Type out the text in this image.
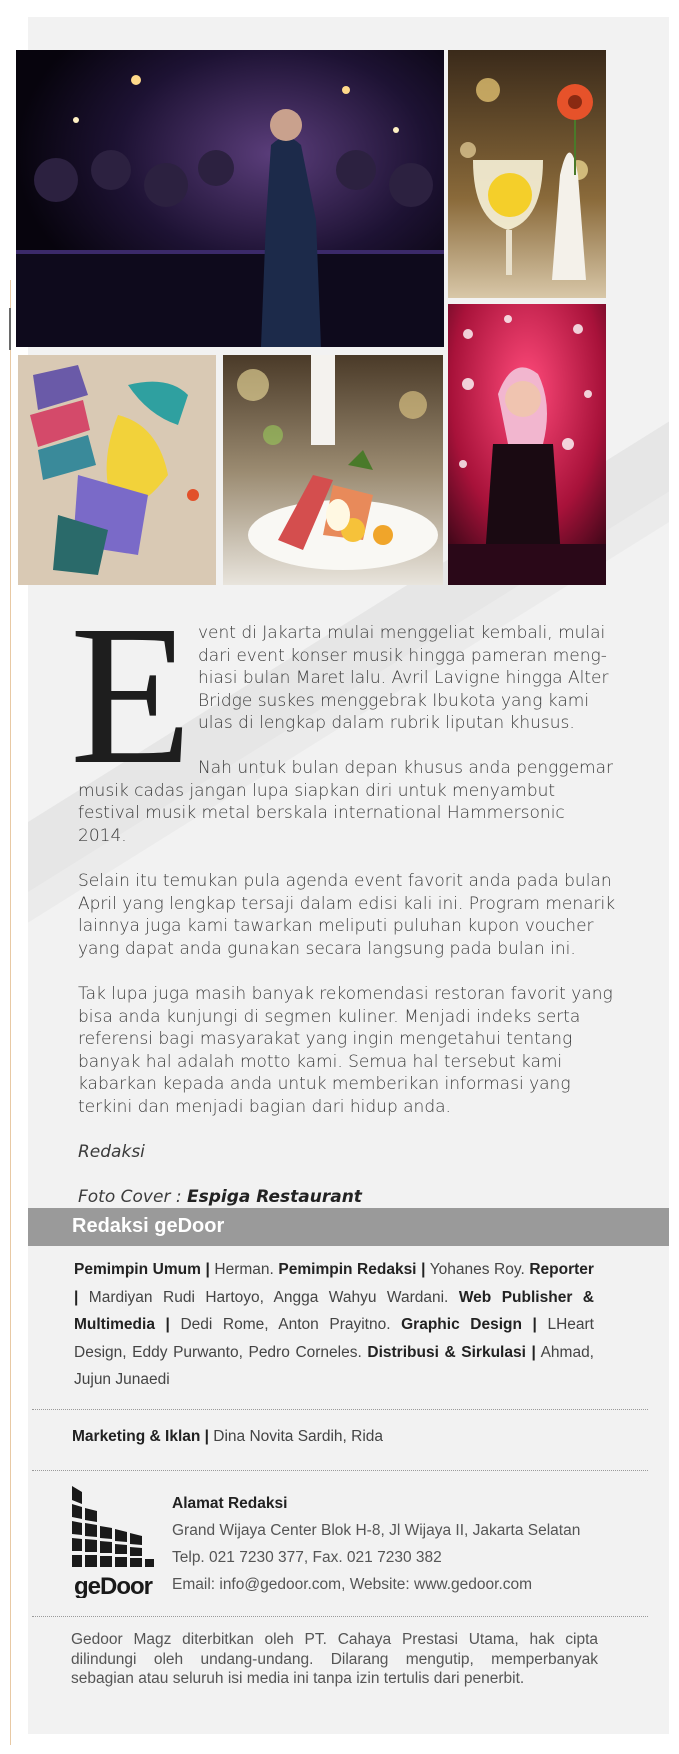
E vent di Jakarta mulai menggeliat kembali, mulai dari event konser musik hingga pameran meng-hiasi bulan Maret lalu. Avril Lavigne hingga Alter Bridge suskes menggebrak Ibukota yang kami ulas di lengkap dalam rubrik liputan khusus.

Nah untuk bulan depan khusus anda penggemar musik cadas jangan lupa siapkan diri untuk menyambut festival musik metal berskala international Hammersonic 2014.

Selain itu temukan pula agenda event favorit anda pada bulan April yang lengkap tersaji dalam edisi kali ini. Program menarik lainnya juga kami tawarkan meliputi puluhan kupon voucher yang dapat anda gunakan secara langsung pada bulan ini.

Tak lupa juga masih banyak rekomendasi restoran favorit yang bisa anda kunjungi di segmen kuliner. Menjadi indeks serta referensi bagi masyarakat yang ingin mengetahui tentang banyak hal adalah motto kami. Semua hal tersebut kami kabarkan kepada anda untuk memberikan informasi yang terkini dan menjadi bagian dari hidup anda.

Redaksi

Foto Cover : Espiga Restaurant

Redaksi geDoor
Pemimpin Umum | Herman. Pemimpin Redaksi | Yohanes Roy. Reporter | Mardiyan Rudi Hartoyo, Angga Wahyu Wardani. Web Publisher & Multimedia | Dedi Rome, Anton Prayitno. Graphic Design | LHeart Design, Eddy Purwanto, Pedro Corneles. Distribusi & Sirkulasi | Ahmad, Jujun Junaedi
Marketing & Iklan | Dina Novita Sardih, Rida
geDoor
Alamat Redaksi
Grand Wijaya Center Blok H-8, Jl Wijaya II, Jakarta Selatan
Telp. 021 7230 377, Fax. 021 7230 382
Email: info@gedoor.com, Website: www.gedoor.com
Gedoor Magz diterbitkan oleh PT. Cahaya Prestasi Utama, hak cipta dilindungi oleh undang-undang. Dilarang mengutip, memperbanyak sebagian atau seluruh isi media ini tanpa izin tertulis dari penerbit.
